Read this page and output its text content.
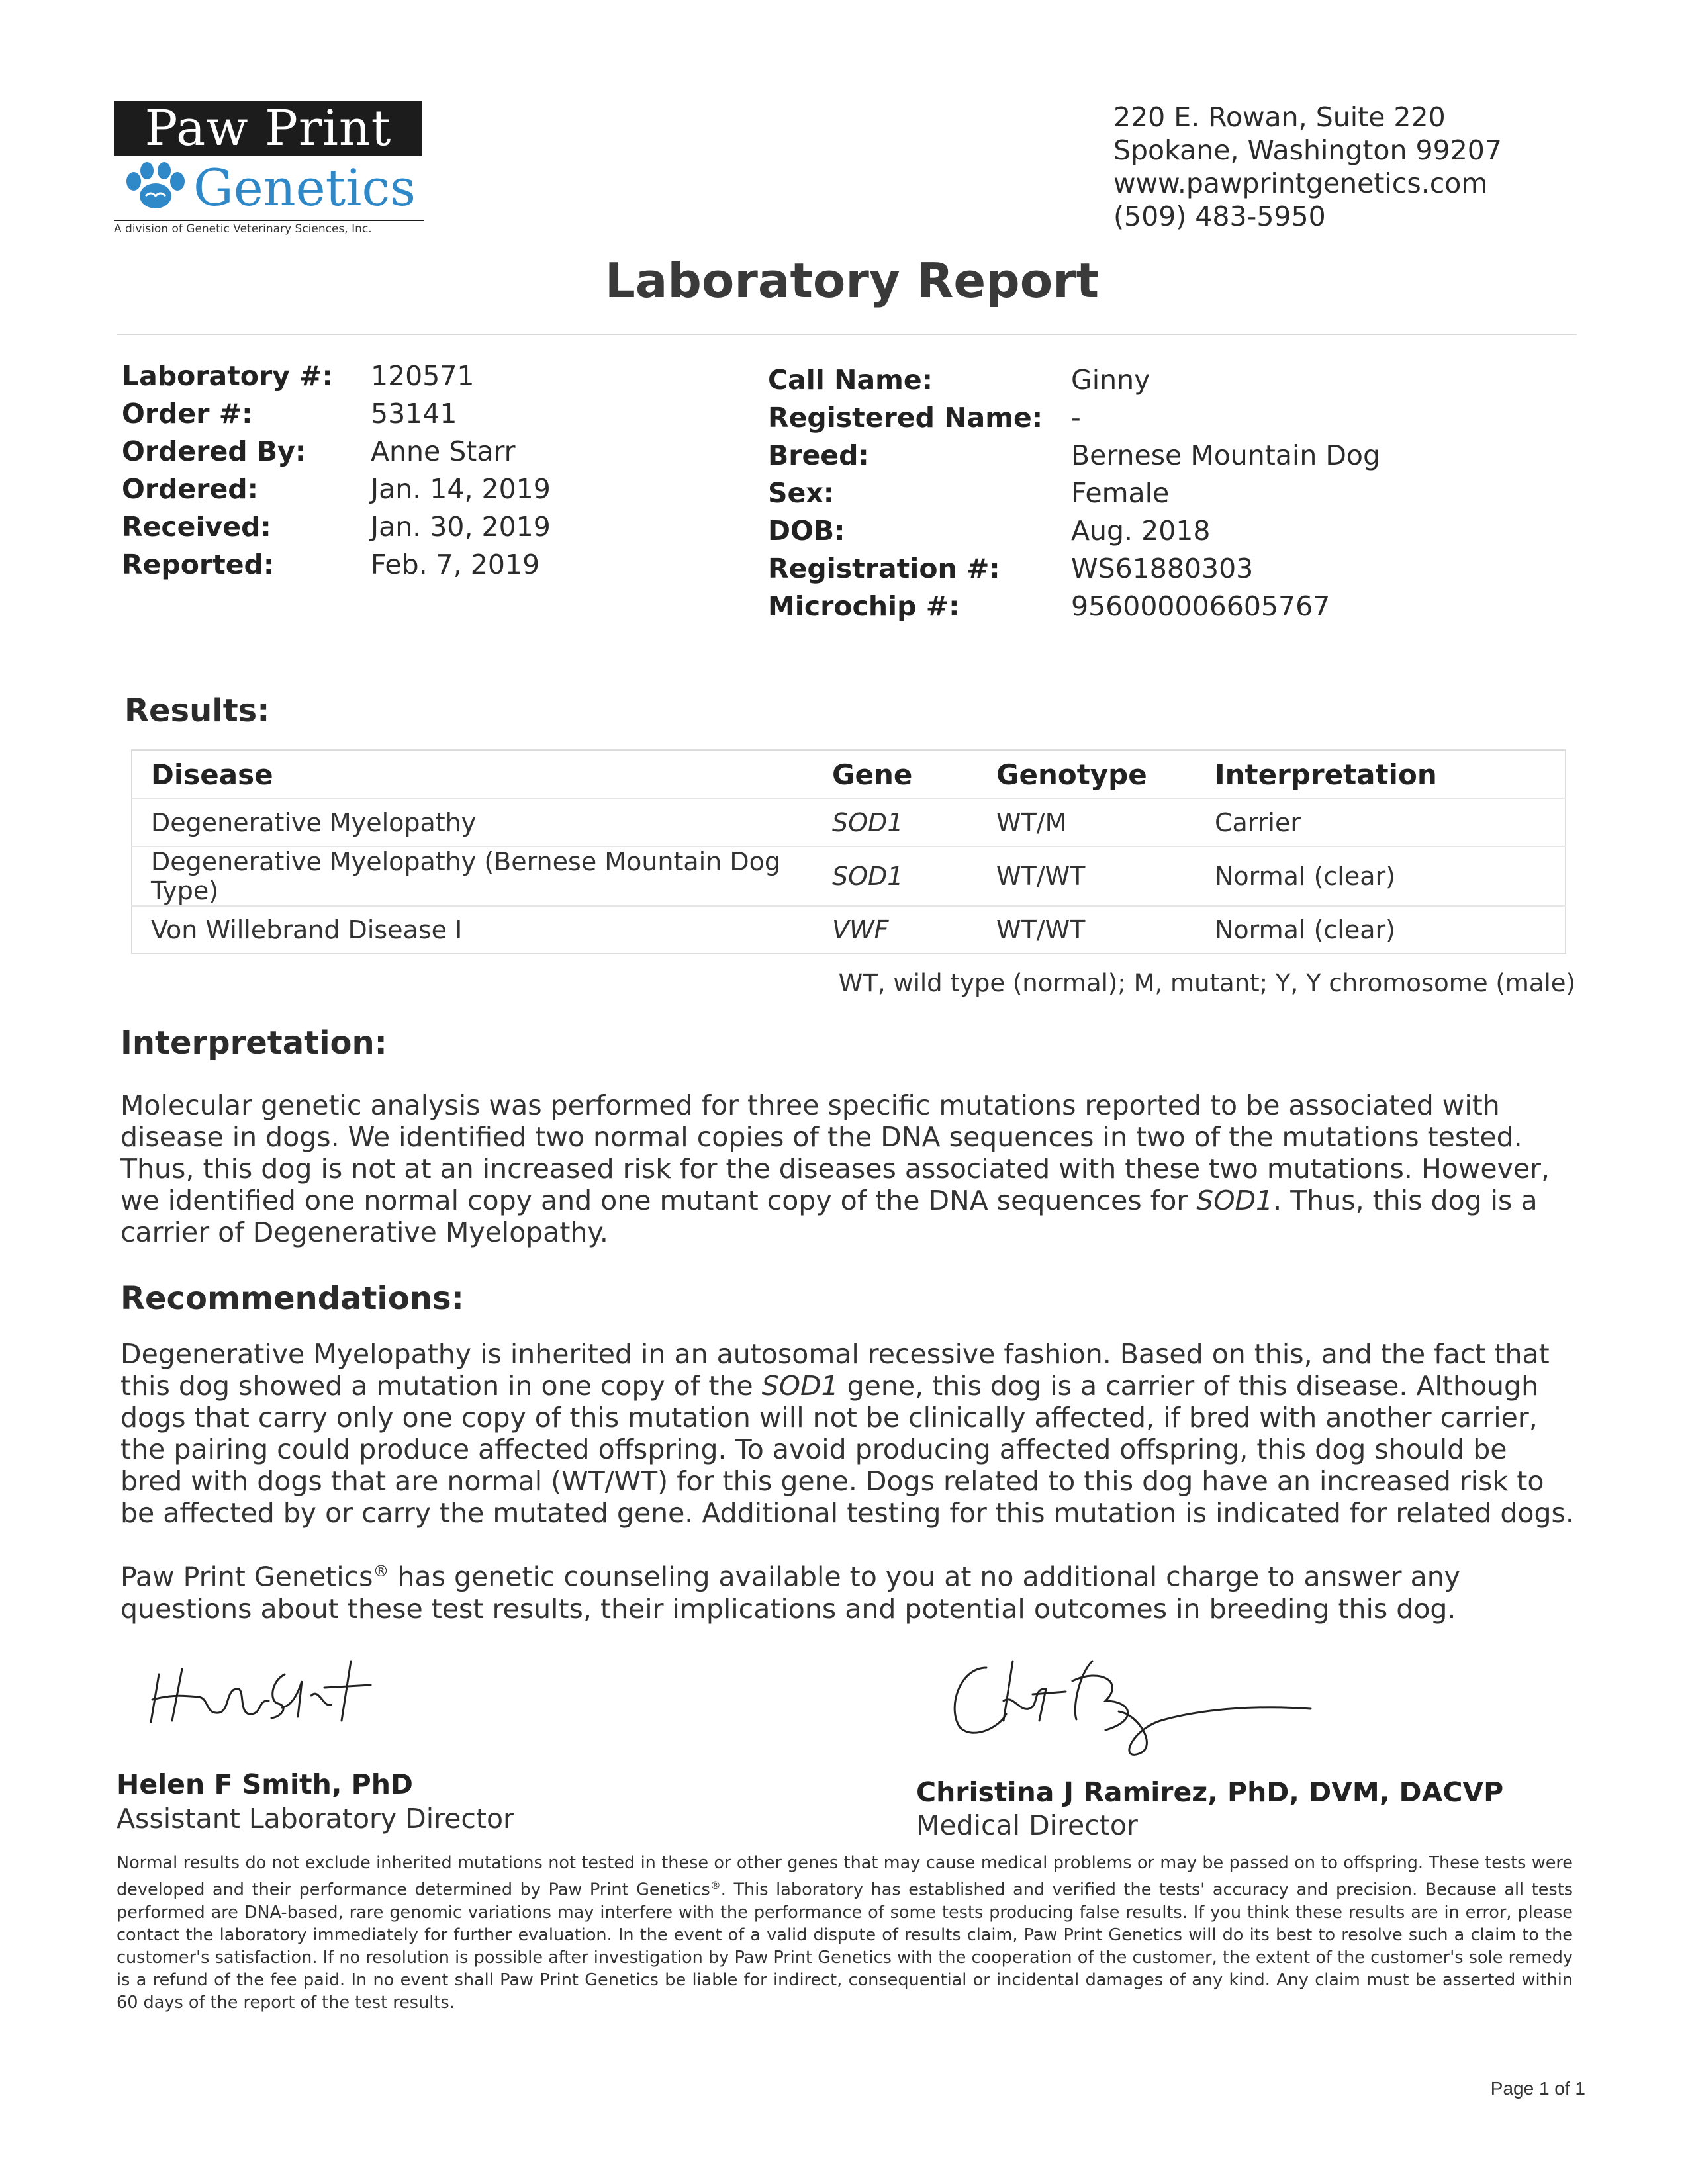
Paw Print
Genetics
A division of Genetic Veterinary Sciences, Inc.
220 E. Rowan, Suite 220
Spokane, Washington 99207
www.pawprintgenetics.com
(509) 483-5950
Laboratory Report
Laboratory #:	120571
Order #:	53141
Ordered By:	Anne Starr
Ordered:	Jan. 14, 2019
Received:	Jan. 30, 2019
Reported:	Feb. 7, 2019
Call Name:	Ginny
Registered Name:	-
Breed:	Bernese Mountain Dog
Sex:	Female
DOB:	Aug. 2018
Registration #:	WS61880303
Microchip #:	956000006605767
Results:
Disease	Gene	Genotype	Interpretation
Degenerative Myelopathy	SOD1	WT/M	Carrier
Degenerative Myelopathy (Bernese Mountain Dog Type)	SOD1	WT/WT	Normal (clear)
Von Willebrand Disease I	VWF	WT/WT	Normal (clear)
WT, wild type (normal); M, mutant; Y, Y chromosome (male)
Interpretation:

Molecular genetic analysis was performed for three specific mutations reported to be associated with disease in dogs. We identified two normal copies of the DNA sequences in two of the mutations tested. Thus, this dog is not at an increased risk for the diseases associated with these two mutations. However, we identified one normal copy and one mutant copy of the DNA sequences for SOD1. Thus, this dog is a carrier of Degenerative Myelopathy.

Recommendations:

Degenerative Myelopathy is inherited in an autosomal recessive fashion. Based on this, and the fact that this dog showed a mutation in one copy of the SOD1 gene, this dog is a carrier of this disease. Although dogs that carry only one copy of this mutation will not be clinically affected, if bred with another carrier, the pairing could produce affected offspring. To avoid producing affected offspring, this dog should be bred with dogs that are normal (WT/WT) for this gene. Dogs related to this dog have an increased risk to be affected by or carry the mutated gene. Additional testing for this mutation is indicated for related dogs.

Paw Print Genetics® has genetic counseling available to you at no additional charge to answer any questions about these test results, their implications and potential outcomes in breeding this dog.

Helen F Smith, PhD
Assistant Laboratory Director
Christina J Ramirez, PhD, DVM, DACVP
Medical Director
Normal results do not exclude inherited mutations not tested in these or other genes that may cause medical problems or may be passed on to offspring. These tests were developed and their performance determined by Paw Print Genetics®. This laboratory has established and verified the tests' accuracy and precision. Because all tests performed are DNA-based, rare genomic variations may interfere with the performance of some tests producing false results. If you think these results are in error, please contact the laboratory immediately for further evaluation. In the event of a valid dispute of results claim, Paw Print Genetics will do its best to resolve such a claim to the customer's satisfaction. If no resolution is possible after investigation by Paw Print Genetics with the cooperation of the customer, the extent of the customer's sole remedy is a refund of the fee paid. In no event shall Paw Print Genetics be liable for indirect, consequential or incidental damages of any kind. Any claim must be asserted within 60 days of the report of the test results.
Page 1 of 1
